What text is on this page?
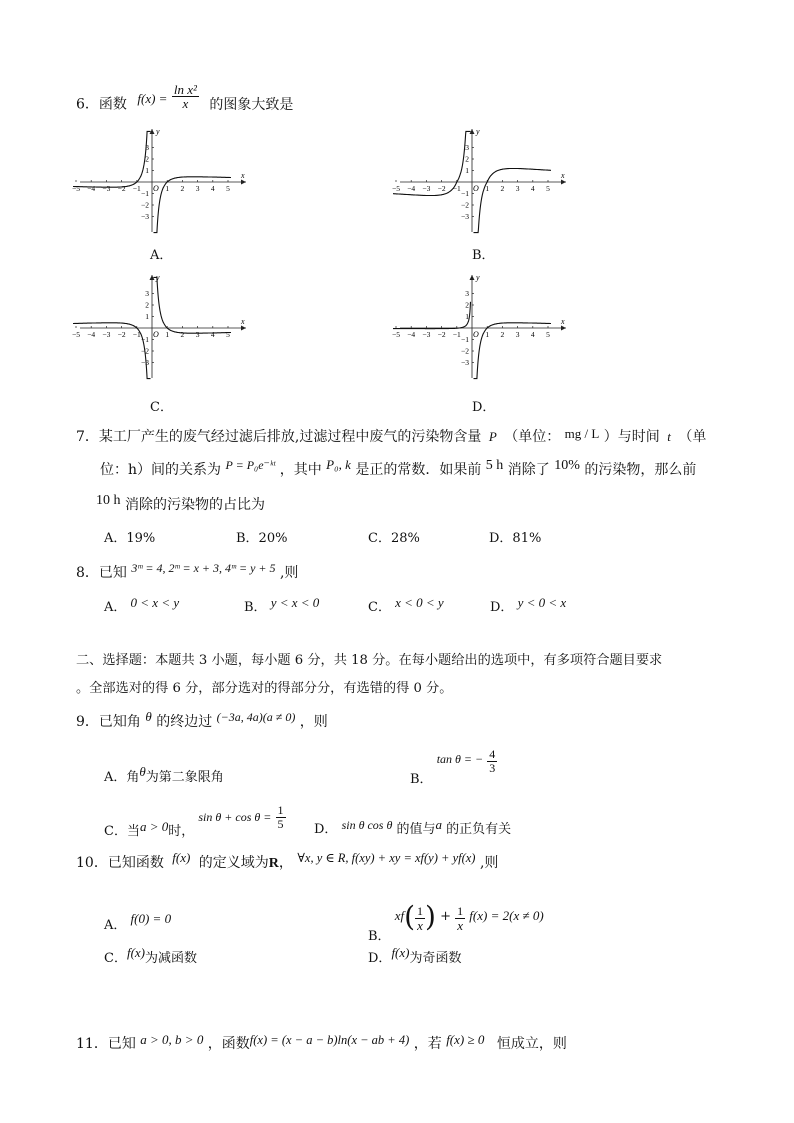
6．函数 $f(x) = \frac{\text{ln x²}}{x}$ 的图象大致是
−5 −4 −3 −2 −1	1 2 3 4 5
3
2
1
−1
−2
−3
x
y
O	−5 −4 −3 −2 −1	1 2 3 4 5
3
2
1
−1
−2
−3
x
y
O
−5 −4 −3 −2 −1	1 2 3 4 5
3
2
1
−1
−2
−3
x
y
O	−5 −4 −3 −2 −1	1 2 3 4 5
3
2
1
−1
−2
−3
x
y
O
A．	B．
C．	D．
7．某工厂产生的废气经过滤后排放,过滤过程中废气的污染物含量 P （单位： mg / L ）与时间 t （单
位：h）间的关系为 P = P₀e⁻ᵏᵗ ，其中 P₀, k 是正的常数．如果前 5 h 消除了 10% 的污染物，那么前
10 h 消除的污染物的占比为
A．19%	B．20%	C．28%	D．81%
8．已知 3ᵐ = 4, 2ᵐ = x + 3, 4ᵐ = y + 5 ,则
A． 0 < x < y	B． y < x < 0	C． x < 0 < y	D． y < 0 < x
二、选择题：本题共 3 小题，每小题 6 分，共 18 分。在每小题给出的选项中，有多项符合题目要求
。全部选对的得 6 分，部分选对的得部分分，有选错的得 0 分。
9．已知角 θ 的终边过 (−3a, 4a)(a ≠ 0) ，则
A．角θ为第二象限角	B． tan θ = − $\frac{4}{3}$
C．当a > 0时， $\sin \theta + \cos \theta = \frac{1}{5}$ D． sin θ cos θ 的值与a 的正负有关
10．已知函数 f(x) 的定义域为R， ∀x, y ∈ R, f(xy) + xy = xf(y) + yf(x) ,则
A． f(0) = 0
B． $xf( \frac{1}{x}$ ) + $\frac{1}{x} f(x) = 2(x \ne 0)$
C．f(x)为减函数	D．f(x)为奇函数
11．已知 a > 0, b > 0 ，函数f(x) = (x − a − b)ln(x − ab + 4) ，若 f(x) ≥ 0 恒成立，则
